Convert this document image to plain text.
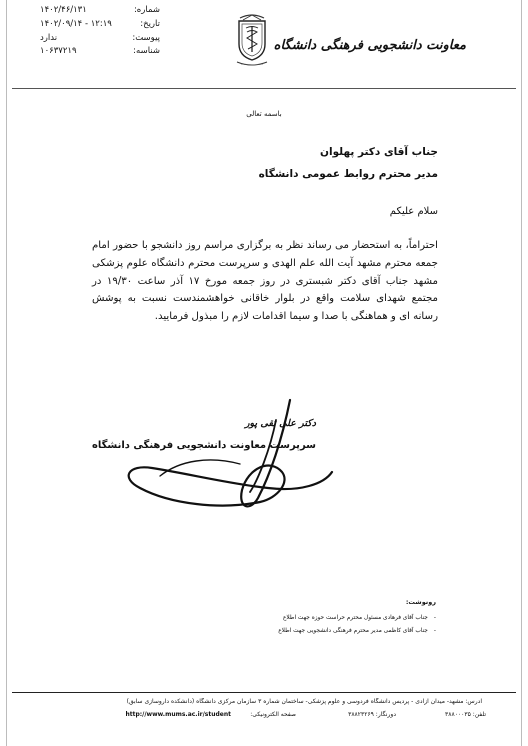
شماره:
۱۴۰۲/۴۶/۱۳۱
تاریخ:
۱۴۰۲/۰۹/۱۴ - ۱۲:۱۹
پیوست:
ندارد
شناسه:
۱۰۶۳۷۲۱۹	معاونت دانشجویی فرهنگی دانشگاه
باسمه تعالی
جناب آقای دکتر پهلوان
مدیر محترم روابط عمومی دانشگاه
سلام علیکم
احتراماً، به استحضار می رساند نظر به برگزاری مراسم روز دانشجو با حضور امام جمعه محترم مشهد آیت الله علم الهدی و سرپرست محترم دانشگاه علوم پزشکی مشهد جناب آقای دکتر شبستری در روز جمعه مورخ ۱۷ آذر ساعت ۱۹/۳۰ در مجتمع شهدای سلامت واقع در بلوار خاقانی خواهشمندست نسبت به پوشش رسانه ای و هماهنگی با صدا و سیما اقدامات لازم را مبذول فرمایید.
دکتر علی تقی پور
سرپرست معاونت دانشجویی فرهنگی دانشگاه
رونوشت:
-
جناب آقای فرهادی مسئول محترم حراست حوزه جهت اطلاع
-
جناب آقای کاظمی مدیر محترم فرهنگی دانشجویی جهت اطلاع
آدرس: مشهد- میدان آزادی - پردیس دانشگاه فردوسی و علوم پزشکی- ساختمان شماره ۳ سازمان مرکزی دانشگاه (دانشکده داروسازی سابق)
تلفن: ۳۸۸۰۰۰۳۵
دورنگار: ۳۸۸۲۳۲۶۹
صفحه الکترونیکی:
http://www.mums.ac.ir/student
